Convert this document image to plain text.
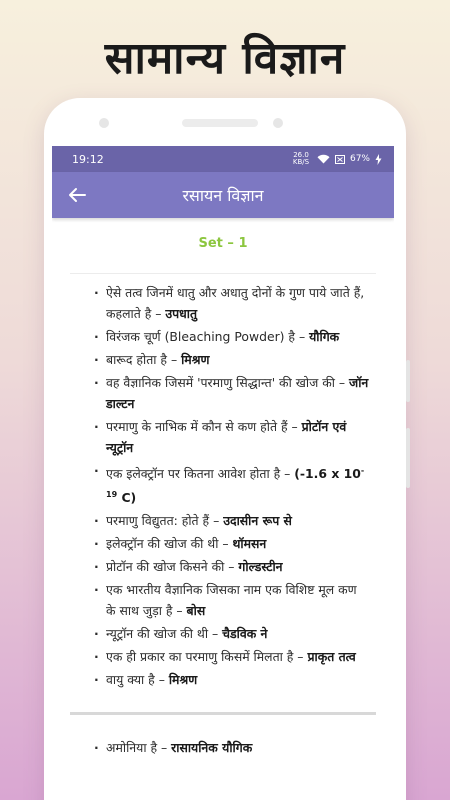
सामान्य विज्ञान
19:12	26.0 KB/S	67%
रसायन विज्ञान
Set – 1
· ऐसे तत्व जिनमें धातु और अधातु दोनों के गुण पाये जाते हैं, कहलाते है – उपधातु
· विरंजक चूर्ण (Bleaching Powder) है – यौगिक
· बारूद होता है – मिश्रण
· वह वैज्ञानिक जिसमें 'परमाणु सिद्धान्त' की खोज की – जॉन डाल्टन
· परमाणु के नाभिक में कौन से कण होते हैं – प्रोटॉन एवं न्यूट्रॉन
· एक इलेक्ट्रॉन पर कितना आवेश होता है – (-1.6 x $10^{-19}$ C)
· परमाणु विद्युतत: होते हैं – उदासीन रूप से
· इलेक्ट्रॉन की खोज की थी – थॉमसन
· प्रोटॉन की खोज किसने की – गोल्डस्टीन
· एक भारतीय वैज्ञानिक जिसका नाम एक विशिष्ट मूल कण के साथ जुड़ा है – बोस
· न्यूट्रॉन की खोज की थी – चैडविक ने
· एक ही प्रकार का परमाणु किसमें मिलता है – प्राकृत तत्व
· वायु क्या है – मिश्रण
· अमोनिया है – रासायनिक यौगिक
